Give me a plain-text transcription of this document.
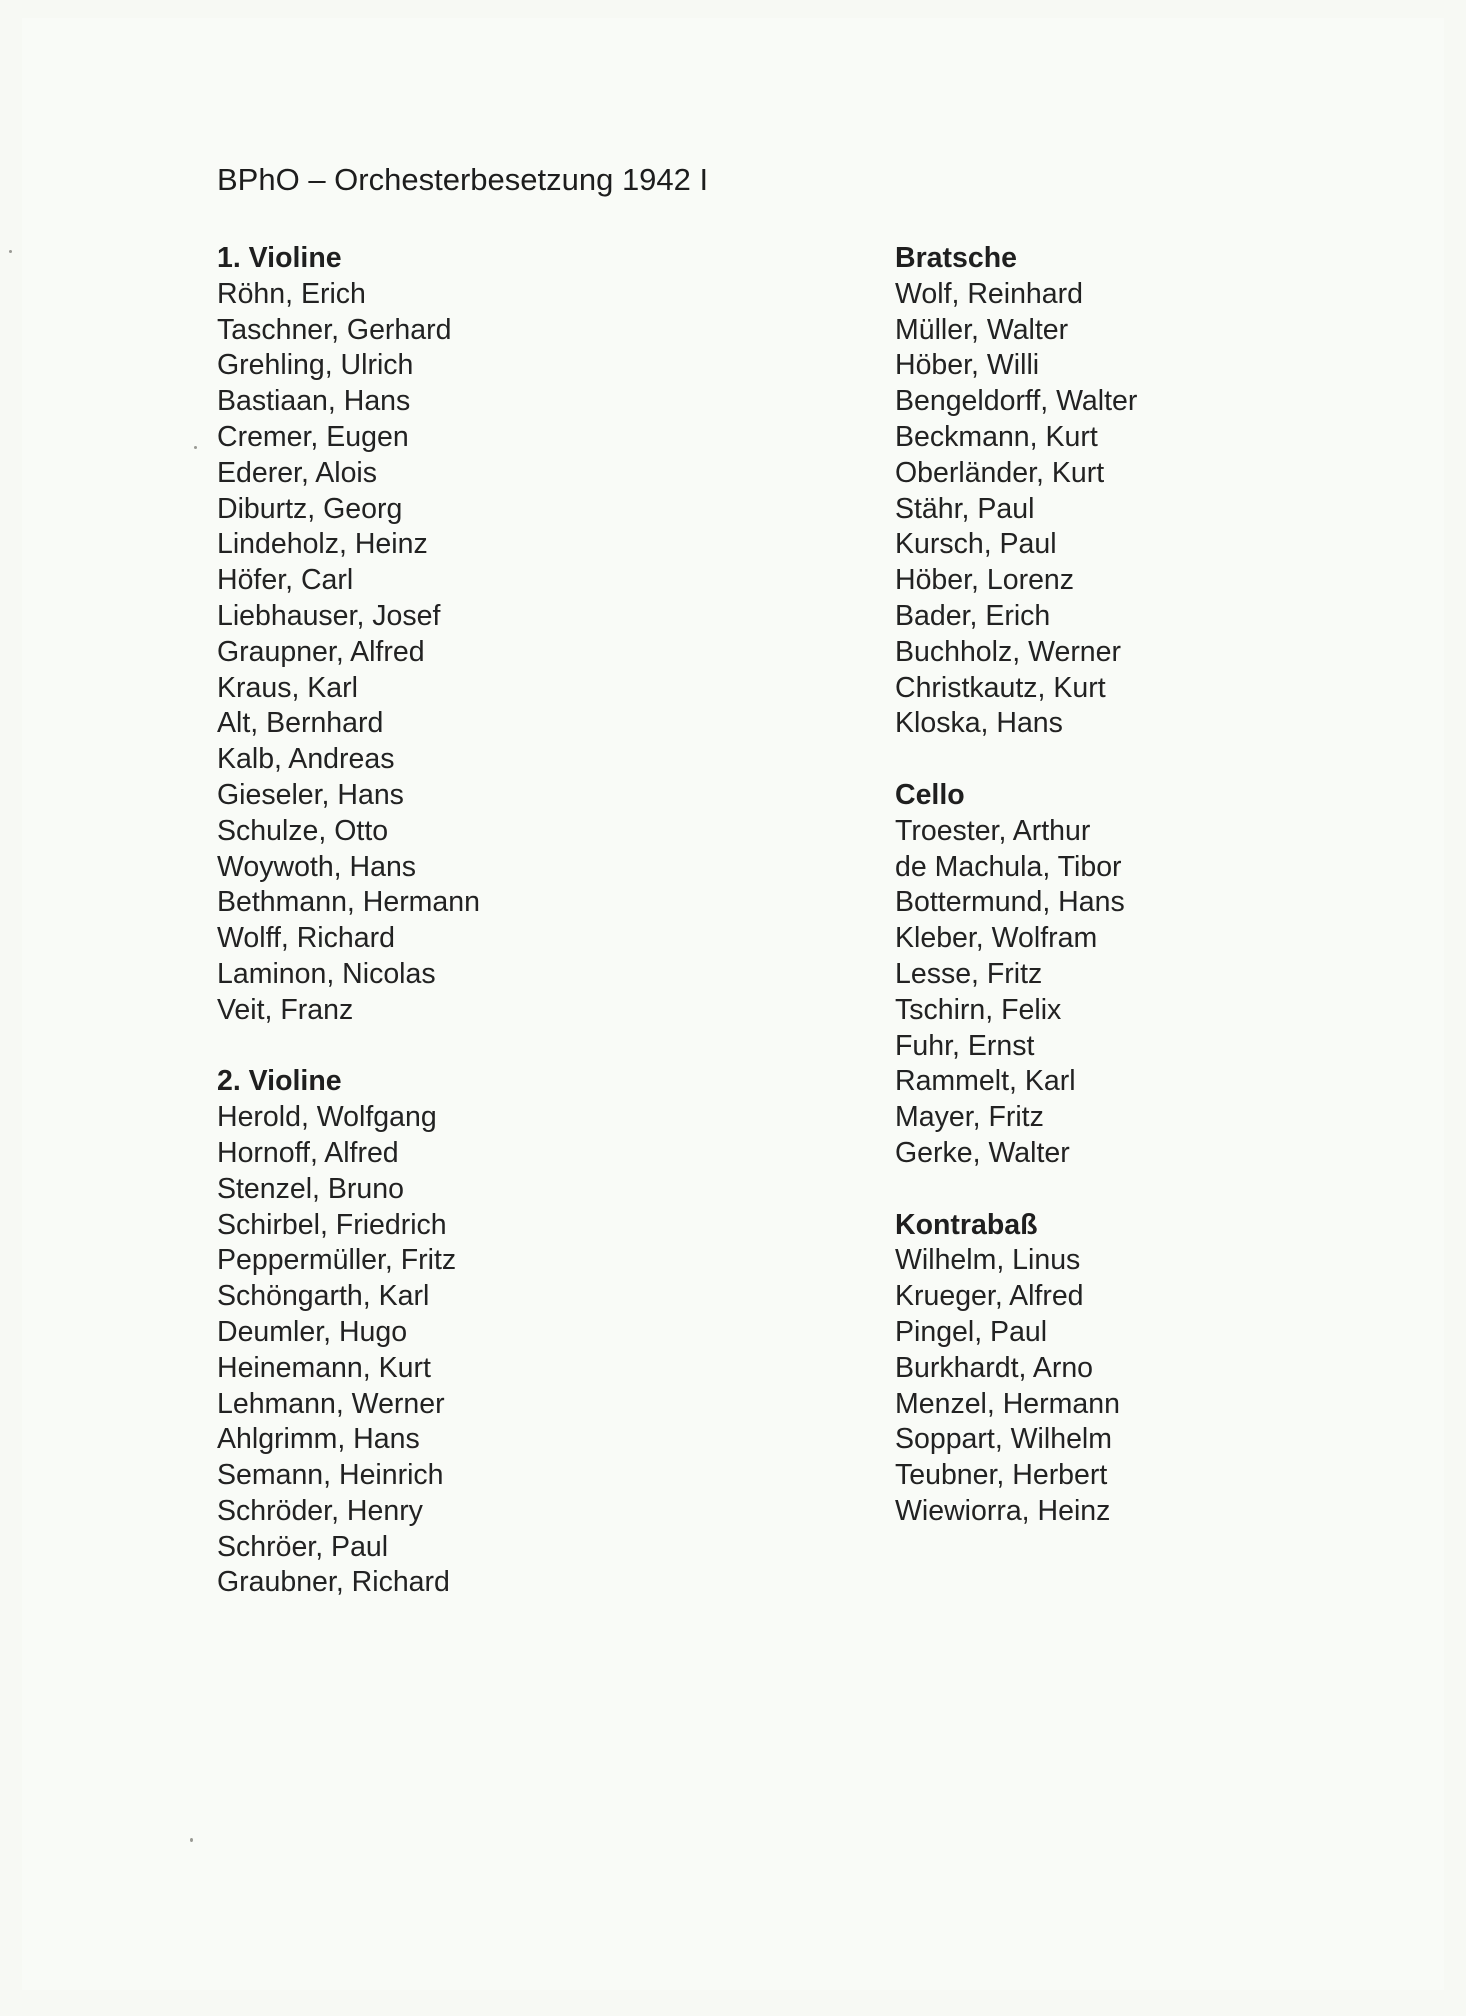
BPhO – Orchesterbesetzung 1942 I
1. Violine
Röhn, Erich
Taschner, Gerhard
Grehling, Ulrich
Bastiaan, Hans
Cremer, Eugen
Ederer, Alois
Diburtz, Georg
Lindeholz, Heinz
Höfer, Carl
Liebhauser, Josef
Graupner, Alfred
Kraus, Karl
Alt, Bernhard
Kalb, Andreas
Gieseler, Hans
Schulze, Otto
Woywoth, Hans
Bethmann, Hermann
Wolff, Richard
Laminon, Nicolas
Veit, Franz
2. Violine
Herold, Wolfgang
Hornoff, Alfred
Stenzel, Bruno
Schirbel, Friedrich
Peppermüller, Fritz
Schöngarth, Karl
Deumler, Hugo
Heinemann, Kurt
Lehmann, Werner
Ahlgrimm, Hans
Semann, Heinrich
Schröder, Henry
Schröer, Paul
Graubner, Richard
Bratsche
Wolf, Reinhard
Müller, Walter
Höber, Willi
Bengeldorff, Walter
Beckmann, Kurt
Oberländer, Kurt
Stähr, Paul
Kursch, Paul
Höber, Lorenz
Bader, Erich
Buchholz, Werner
Christkautz, Kurt
Kloska, Hans
Cello
Troester, Arthur
de Machula, Tibor
Bottermund, Hans
Kleber, Wolfram
Lesse, Fritz
Tschirn, Felix
Fuhr, Ernst
Rammelt, Karl
Mayer, Fritz
Gerke, Walter
Kontrabaß
Wilhelm, Linus
Krueger, Alfred
Pingel, Paul
Burkhardt, Arno
Menzel, Hermann
Soppart, Wilhelm
Teubner, Herbert
Wiewiorra, Heinz
